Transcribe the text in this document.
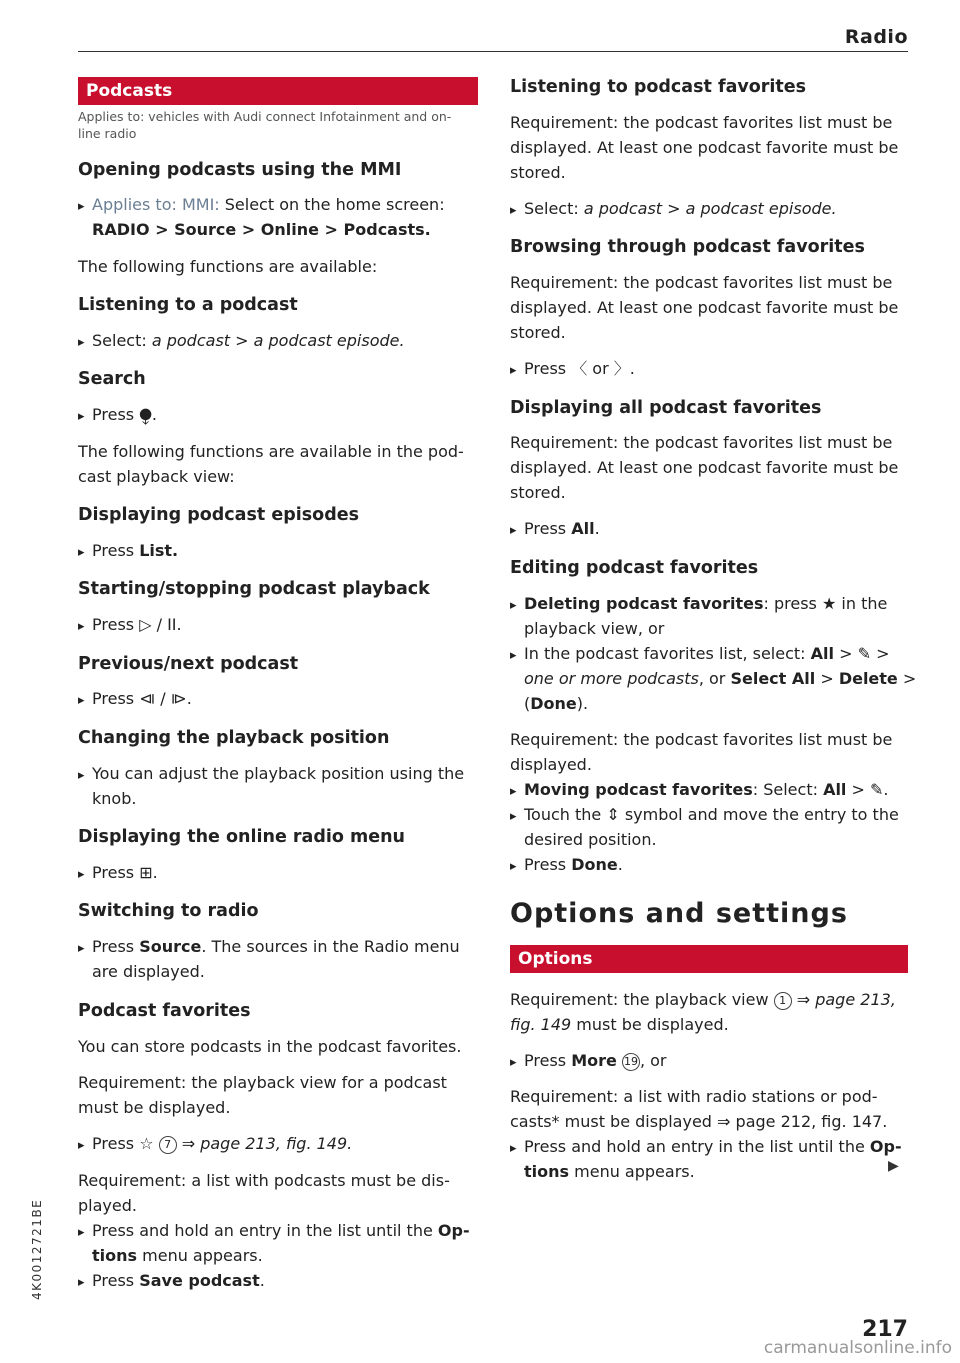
Radio
Podcasts
Applies to: vehicles with Audi connect Infotainment and on-
line radio
Opening podcasts using the MMI
▸ Applies to: MMI: Select on the home screen:
RADIO > Source > Online > Podcasts.
The following functions are available:
Listening to a podcast
▸ Select: a podcast > a podcast episode.
Search
▸ Press ⧭.
The following functions are available in the pod-
cast playback view:
Displaying podcast episodes
▸ Press List.
Starting/stopping podcast playback
▸ Press ▷ / II.
Previous/next podcast
▸ Press ⧏ / ⧐.
Changing the playback position
▸ You can adjust the playback position using the
knob.
Displaying the online radio menu
▸ Press ⊞.
Switching to radio
▸ Press Source. The sources in the Radio menu
are displayed.
Podcast favorites
You can store podcasts in the podcast favorites.
Requirement: the playback view for a podcast
must be displayed.
▸ Press ☆ 7 ⇒ page 213, fig. 149.
Requirement: a list with podcasts must be dis-
played.
▸ Press and hold an entry in the list until the Op-
tions menu appears.
▸ Press Save podcast.
Listening to podcast favorites
Requirement: the podcast favorites list must be
displayed. At least one podcast favorite must be
stored.
▸ Select: a podcast > a podcast episode.
Browsing through podcast favorites
Requirement: the podcast favorites list must be
displayed. At least one podcast favorite must be
stored.
▸ Press 〈 or 〉.
Displaying all podcast favorites
Requirement: the podcast favorites list must be
displayed. At least one podcast favorite must be
stored.
▸ Press All.
Editing podcast favorites
▸ Deleting podcast favorites: press ★ in the
playback view, or
▸ In the podcast favorites list, select: All > ✎ >
one or more podcasts, or Select All > Delete >
(Done).
Requirement: the podcast favorites list must be
displayed.
▸ Moving podcast favorites: Select: All > ✎.
▸ Touch the ⇕ symbol and move the entry to the
desired position.
▸ Press Done.
Options and settings
Options
Requirement: the playback view 1 ⇒ page 213,
fig. 149 must be displayed.
▸ Press More 19 , or
Requirement: a list with radio stations or pod-
casts* must be displayed ⇒ page 212, fig. 147.
▸ Press and hold an entry in the list until the Op-
tions menu appears.	▶
4K0012721BE
217
carmanualsonline.info
